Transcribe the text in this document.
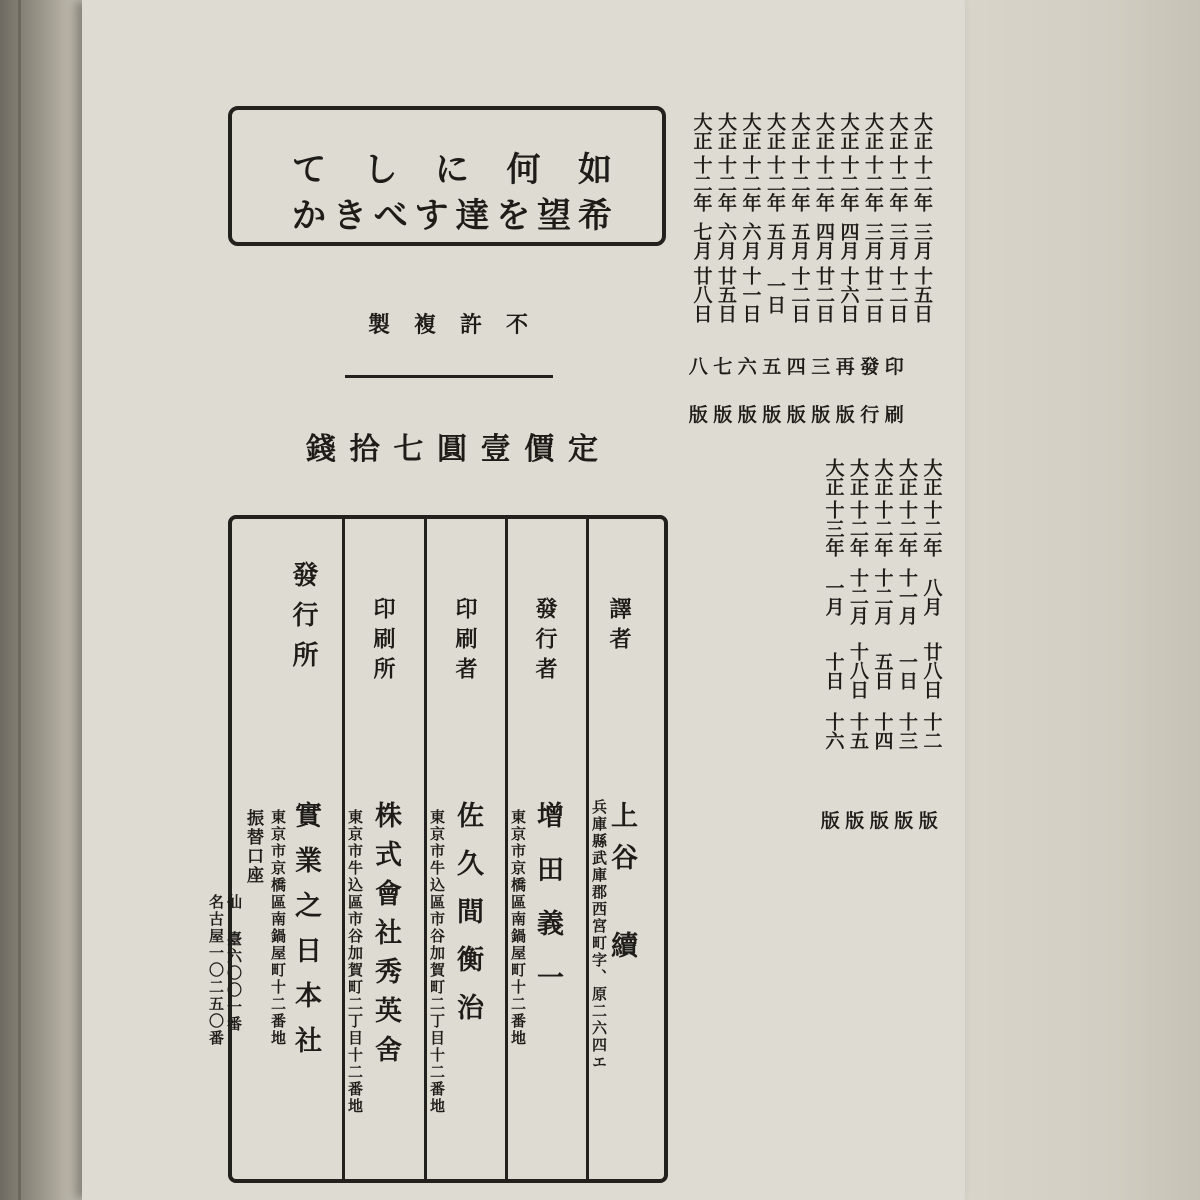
如
何
に
し
て
希
望
を
達
す
べ
き
か
不
許
複
製
定
價
壹
圓
七
拾
錢
譯者
上谷 續
兵庫縣武庫郡西宮町字、原二六四エ
發行者
增田義一
東京市京橋區南鍋屋町十二番地
印刷者
佐久間衡治
東京市牛込區市谷加賀町二丁目十二番地
印刷所
株式會社秀英舍
東京市牛込區市谷加賀町二丁目十二番地
發行所
實業之日本社
東京市京橋區南鍋屋町十二番地
振替口座
仙 臺六〇〇一番
名古屋一〇二五〇番
大正
大正
大正
大正
大正
大正
大正
大正
大正
大正
十二年
十二年
十二年
十二年
十二年
十二年
十二年
十二年
十二年
十二年
三月
三月
三月
四月
四月
五月
五月
六月
六月
七月
十五日
十二日
廿二日
十六日
廿二日
十二日
一日
十一日
廿五日
廿八日
印
發
再
三
四
五
六
七
八
刷
行
版
版
版
版
版
版
版
大正
大正
大正
大正
大正
十二年
十二年
十二年
十二年
十三年
八月
十一月
十二月
十二月
一月
廿八日
一日
五日
十八日
十日
十二
十三
十四
十五
十六
版
版
版
版
版
